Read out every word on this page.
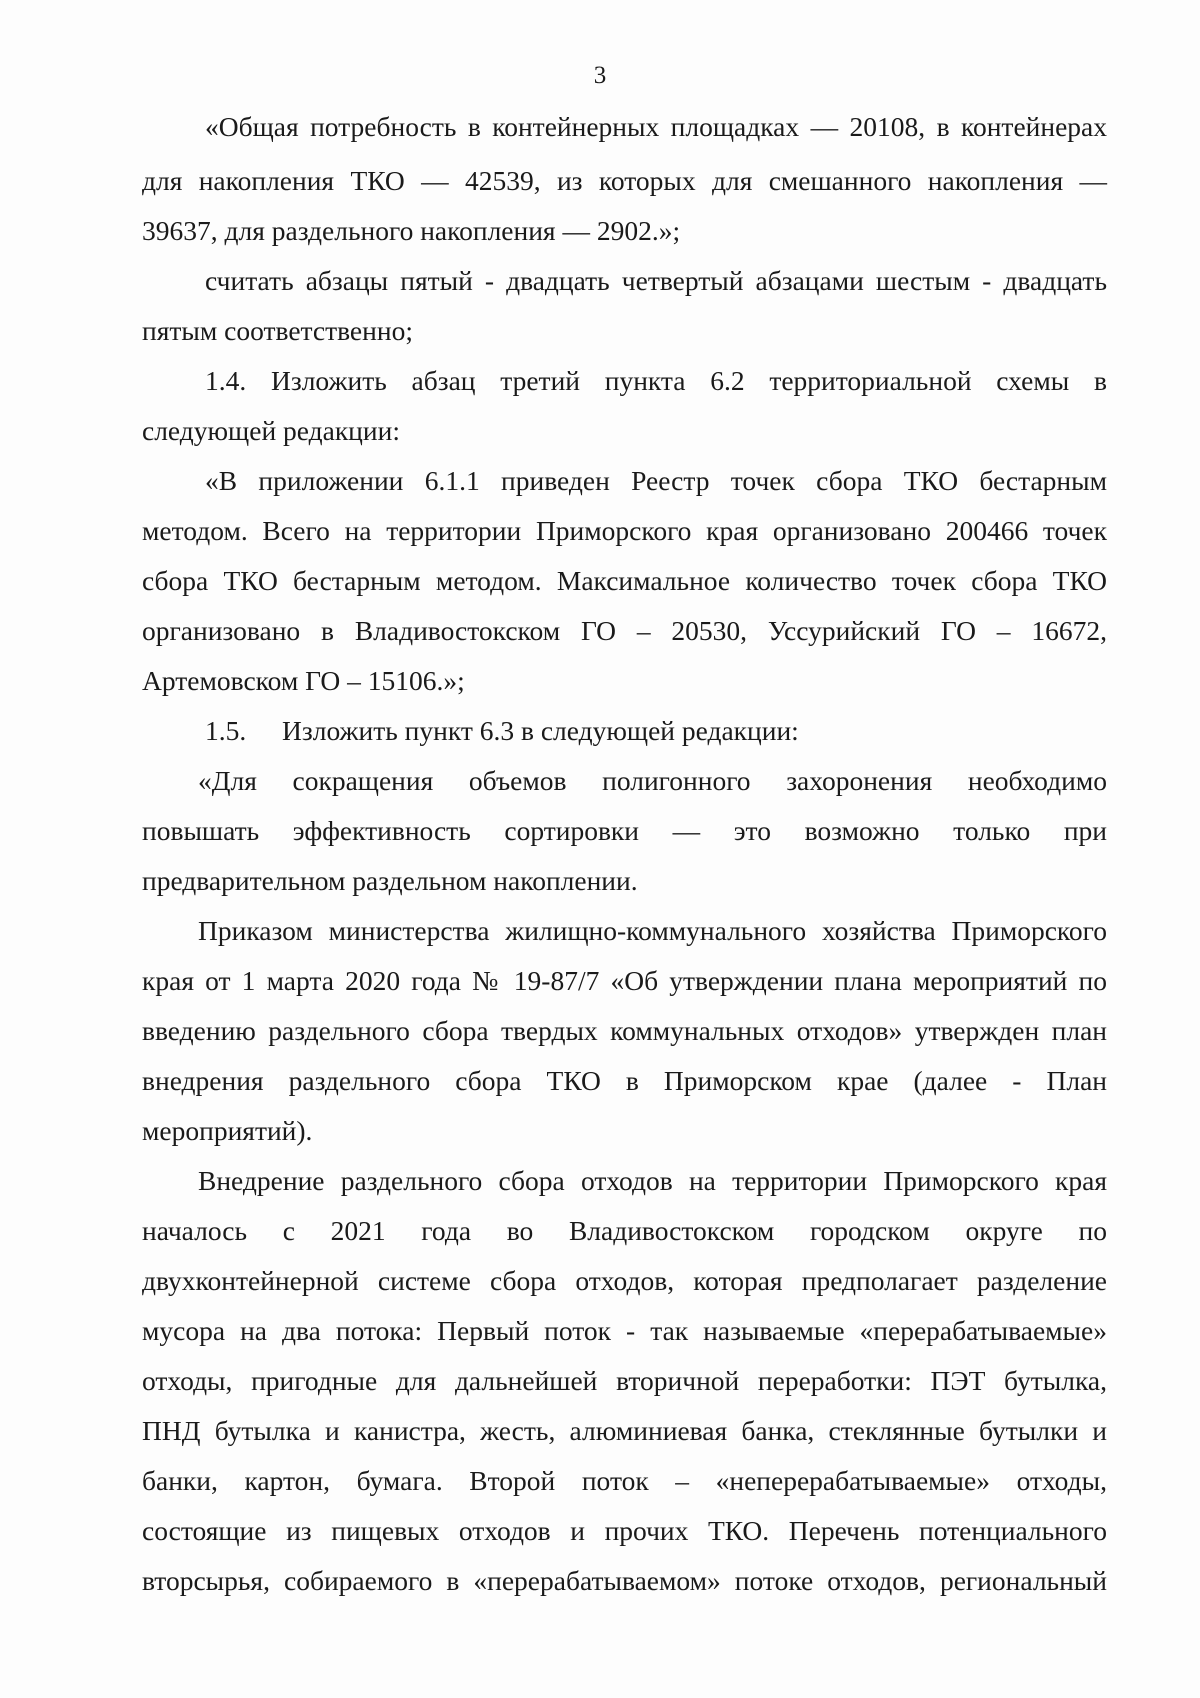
3
«Общая потребность в контейнерных площадках — 20108, в контейнерах
для накопления ТКО — 42539, из которых для смешанного накопления —
39637, для раздельного накопления — 2902.»;
считать абзацы пятый - двадцать четвертый абзацами шестым - двадцать
пятым соответственно;
1.4. Изложить абзац третий пункта 6.2 территориальной схемы в
следующей редакции:
«В приложении 6.1.1 приведен Реестр точек сбора ТКО бестарным
методом. Всего на территории Приморского края организовано 200466 точек
сбора ТКО бестарным методом. Максимальное количество точек сбора ТКО
организовано в Владивостокском ГО – 20530, Уссурийский ГО – 16672,
Артемовском ГО – 15106.»;
1.5. Изложить пункт 6.3 в следующей редакции:
«Для сокращения объемов полигонного захоронения необходимо
повышать эффективность сортировки — это возможно только при
предварительном раздельном накоплении.
Приказом министерства жилищно-коммунального хозяйства Приморского
края от 1 марта 2020 года № 19-87/7 «Об утверждении плана мероприятий по
введению раздельного сбора твердых коммунальных отходов» утвержден план
внедрения раздельного сбора ТКО в Приморском крае (далее - План
мероприятий).
Внедрение раздельного сбора отходов на территории Приморского края
началось с 2021 года во Владивостокском городском округе по
двухконтейнерной системе сбора отходов, которая предполагает разделение
мусора на два потока: Первый поток - так называемые «перерабатываемые»
отходы, пригодные для дальнейшей вторичной переработки: ПЭТ бутылка,
ПНД бутылка и канистра, жесть, алюминиевая банка, стеклянные бутылки и
банки, картон, бумага. Второй поток – «неперерабатываемые» отходы,
состоящие из пищевых отходов и прочих ТКО. Перечень потенциального
вторсырья, собираемого в «перерабатываемом» потоке отходов, региональный
